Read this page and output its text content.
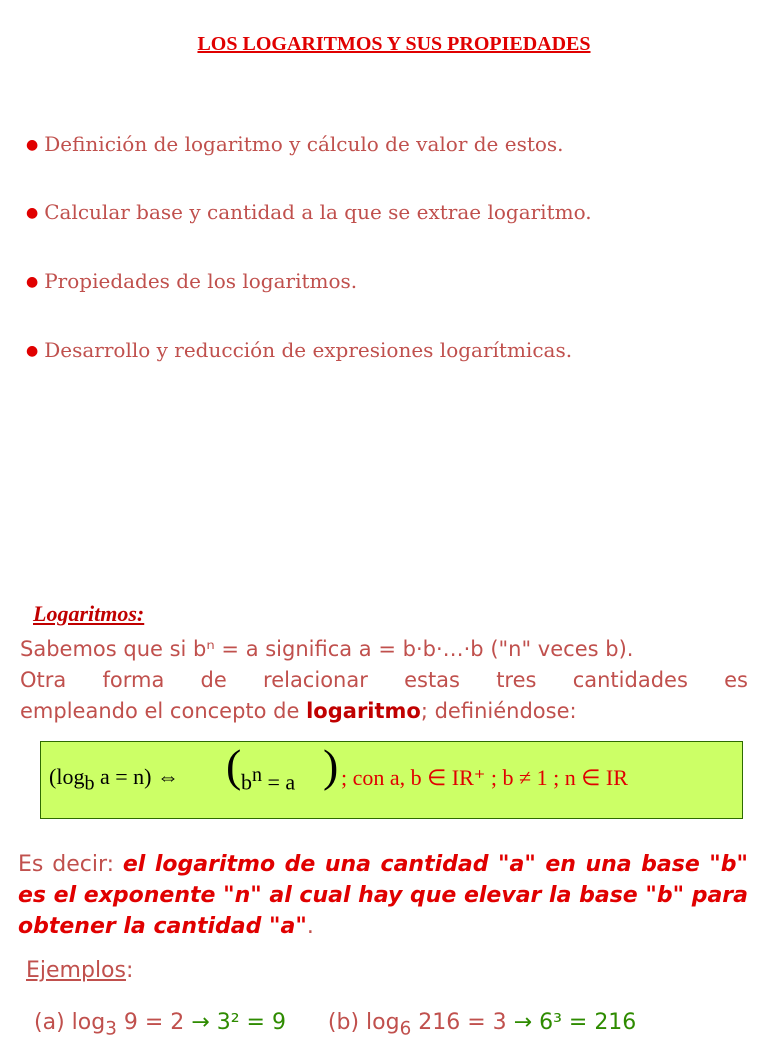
LOS LOGARITMOS Y SUS PROPIEDADES
● Definición de logaritmo y cálculo de valor de estos.
● Calcular base y cantidad a la que se extrae logaritmo.
● Propiedades de los logaritmos.
● Desarrollo y reducción de expresiones logarítmicas.
Logaritmos:
Sabemos que si bⁿ = a significa a = b·b·…·b ("n" veces b).
Otra forma de relacionar estas tres cantidades es
empleando el concepto de logaritmo; definiéndose:
($\log_b$ a = n) ⇔ ( $b^n = a$ ) ; con a, b ∈ IR⁺ ; b ≠ 1 ; n ∈ IR
Es decir: el logaritmo de una cantidad "a" en una base "b" es el exponente "n" al cual hay que elevar la base "b" para obtener la cantidad "a".
Ejemplos:
(a) $\log_3 9 = 2 \to 3^2 = 9$ (b) $\log_6 216 = 3 \to 6^3 = 216$
